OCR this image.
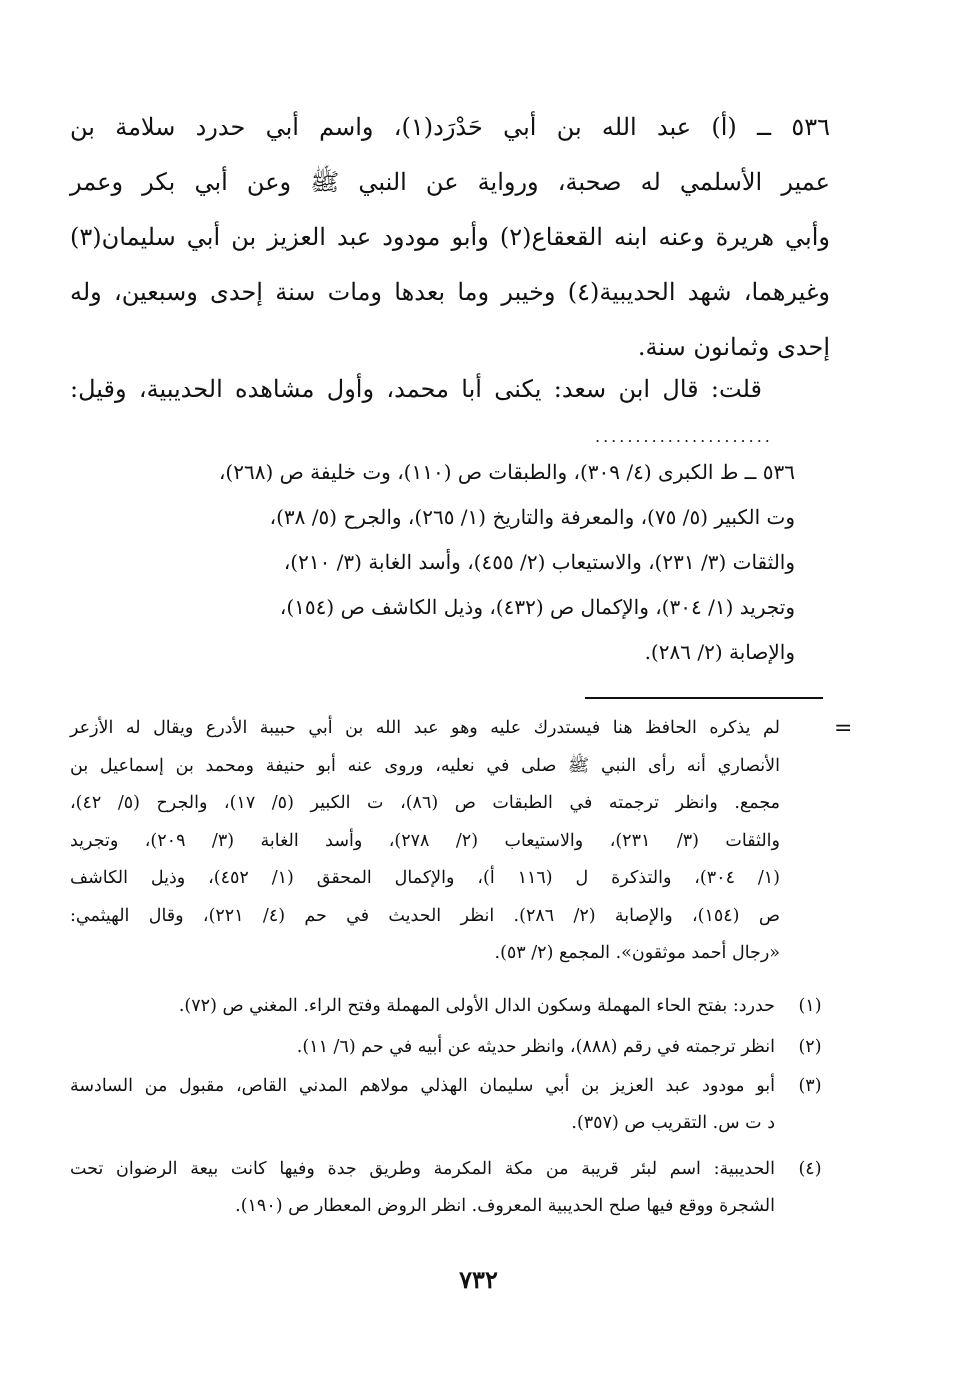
٥٣٦ ــ (أ) عبد الله بن أبي حَدْرَد(١)، واسم أبي حدرد سلامة بن
عمير الأسلمي له صحبة، ورواية عن النبي ﷺ وعن أبي بكر وعمر
وأبي هريرة وعنه ابنه القعقاع(٢) وأبو مودود عبد العزيز بن أبي سليمان(٣)
وغيرهما، شهد الحديبية(٤) وخيبر وما بعدها ومات سنة إحدى وسبعين، وله
إحدى وثمانون سنة.
قلت: قال ابن سعد: يكنى أبا محمد، وأول مشاهده الحديبية، وقيل:
......................
٥٣٦ ــ ط الكبرى (٤/ ٣٠٩)، والطبقات ص (١١٠)، وت خليفة ص (٢٦٨)،
وت الكبير (٥/ ٧٥)، والمعرفة والتاريخ (١/ ٢٦٥)، والجرح (٥/ ٣٨)،
والثقات (٣/ ٢٣١)، والاستيعاب (٢/ ٤٥٥)، وأسد الغابة (٣/ ٢١٠)،
وتجريد (١/ ٣٠٤)، والإكمال ص (٤٣٢)، وذيل الكاشف ص (١٥٤)،
والإصابة (٢/ ٢٨٦).
=
لم يذكره الحافظ هنا فيستدرك عليه وهو عبد الله بن أبي حبيبة الأدرع ويقال له الأزعر
الأنصاري أنه رأى النبي ﷺ صلى في نعليه، وروى عنه أبو حنيفة ومحمد بن إسماعيل بن
مجمع. وانظر ترجمته في الطبقات ص (٨٦)، ت الكبير (٥/ ١٧)، والجرح (٥/ ٤٢)،
والثقات (٣/ ٢٣١)، والاستيعاب (٢/ ٢٧٨)، وأسد الغابة (٣/ ٢٠٩)، وتجريد
(١/ ٣٠٤)، والتذكرة ل (١١٦ أ)، والإكمال المحقق (١/ ٤٥٢)، وذيل الكاشف
ص (١٥٤)، والإصابة (٢/ ٢٨٦). انظر الحديث في حم (٤/ ٢٢١)، وقال الهيثمي:
«رجال أحمد موثقون». المجمع (٢/ ٥٣).
(١)
حدرد: بفتح الحاء المهملة وسكون الدال الأولى المهملة وفتح الراء. المغني ص (٧٢).
(٢)
انظر ترجمته في رقم (٨٨٨)، وانظر حديثه عن أبيه في حم (٦/ ١١).
(٣)
أبو مودود عبد العزيز بن أبي سليمان الهذلي مولاهم المدني القاص، مقبول من السادسة
د ت س. التقريب ص (٣٥٧).
(٤)
الحديبية: اسم لبئر قريبة من مكة المكرمة وطريق جدة وفيها كانت بيعة الرضوان تحت
الشجرة ووقع فيها صلح الحديبية المعروف. انظر الروض المعطار ص (١٩٠).
٧٣٢
